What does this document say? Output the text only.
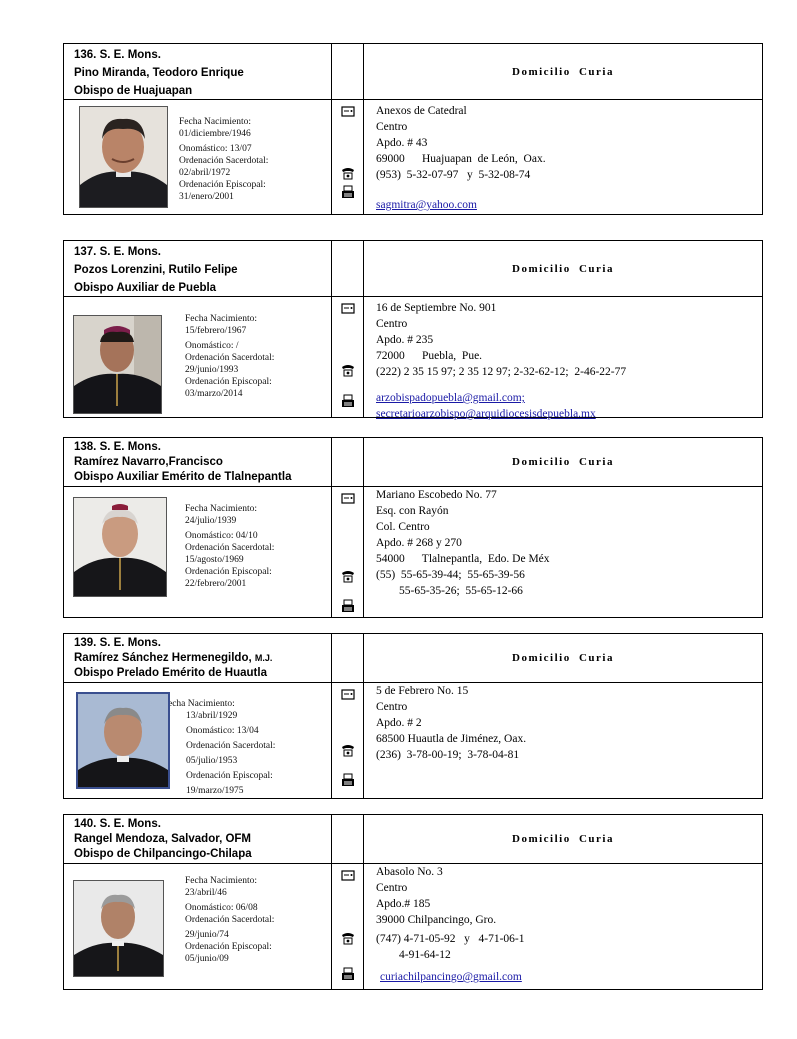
136. S. E. Mons.
Pino Miranda, Teodoro Enrique
Obispo de Huajuapan
Domicilio Curia
Fecha Nacimiento:
01/diciembre/1946
Onomástico: 13/07
Ordenación Sacerdotal:
02/abril/1972
Ordenación Episcopal:
31/enero/2001
Anexos de Catedral
Centro
Apdo. # 43
69000      Huajuapan  de León,  Oax.
(953)  5-32-07-97   y  5-32-08-74
sagmitra@yahoo.com
137. S. E. Mons.
Pozos Lorenzini, Rutilo Felipe
Obispo Auxiliar de Puebla
Domicilio Curia
Fecha Nacimiento:
15/febrero/1967
Onomástico: /
Ordenación Sacerdotal:
29/junio/1993
Ordenación Episcopal:
03/marzo/2014
16 de Septiembre No. 901
Centro
Apdo. # 235
72000      Puebla,  Pue.
(222) 2 35 15 97; 2 35 12 97; 2-32-62-12;  2-46-22-77
arzobispadopuebla@gmail.com;
secretarioarzobispo@arquidiocesisdepuebla.mx
138. S. E. Mons.
Ramírez Navarro,Francisco
Obispo Auxiliar Emérito de Tlalnepantla
Domicilio Curia
Fecha Nacimiento:
24/julio/1939
Onomástico: 04/10
Ordenación Sacerdotal:
15/agosto/1969
Ordenación Episcopal:
22/febrero/2001
Mariano Escobedo No. 77
Esq. con Rayón
Col. Centro
Apdo. # 268 y 270
54000      Tlalnepantla,  Edo. De Méx
(55)  55-65-39-44;  55-65-39-56
55-65-35-26;  55-65-12-66
139. S. E. Mons.
Ramírez Sánchez Hermenegildo, M.J.
Obispo Prelado Emérito de Huautla
Domicilio Curia
echa Nacimiento:
13/abril/1929
Onomástico: 13/04
Ordenación Sacerdotal:
05/julio/1953
Ordenación Episcopal:
19/marzo/1975
5 de Febrero No. 15
Centro
Apdo. # 2
68500 Huautla de Jiménez, Oax.
(236)  3-78-00-19;  3-78-04-81
140. S. E. Mons.
Rangel Mendoza, Salvador, OFM
Obispo de Chilpancingo-Chilapa
Domicilio Curia
Fecha Nacimiento:
23/abril/46
Onomástico: 06/08
Ordenación Sacerdotal:
29/junio/74
Ordenación Episcopal:
05/junio/09
Abasolo No. 3
Centro
Apdo.# 185
39000 Chilpancingo, Gro.
(747) 4-71-05-92   y   4-71-06-1
4-91-64-12
curiachilpancingo@gmail.com
